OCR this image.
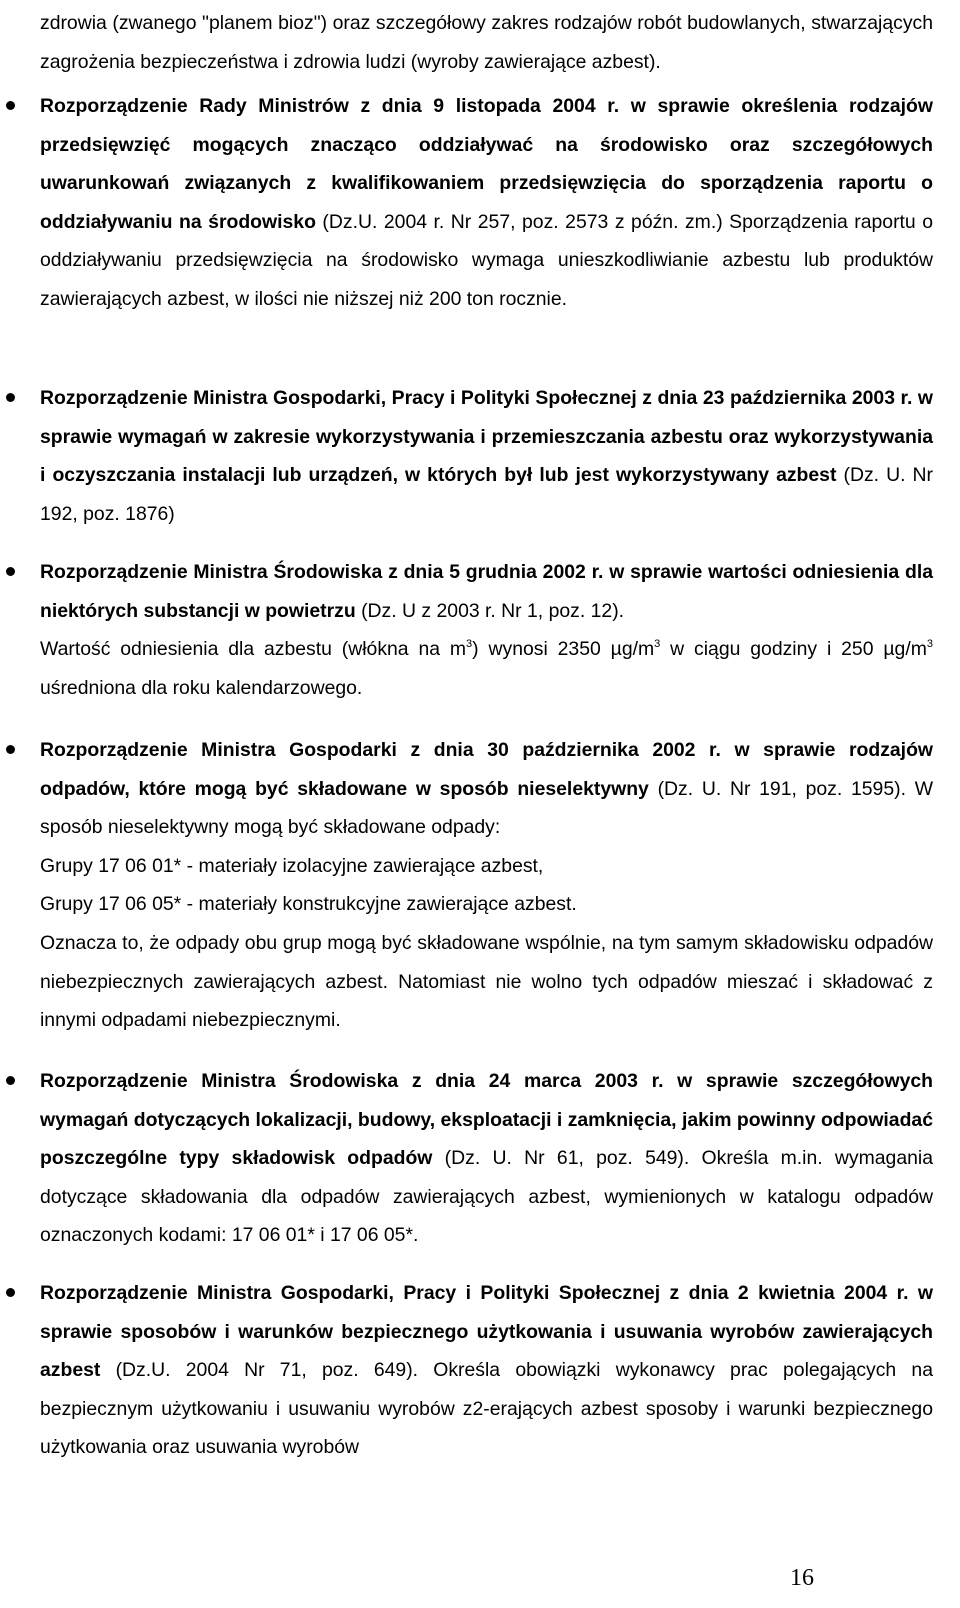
zdrowia (zwanego "planem bioz") oraz szczegółowy zakres rodzajów robót budowlanych, stwarzających zagrożenia bezpieczeństwa i zdrowia ludzi (wyroby zawierające azbest).

Rozporządzenie Rady Ministrów z dnia 9 listopada 2004 r. w sprawie określenia rodzajów przedsięwzięć mogących znacząco oddziaływać na środowisko oraz szczegółowych uwarunkowań związanych z kwalifikowaniem przedsięwzięcia do sporządzenia raportu o oddziaływaniu na środowisko (Dz.U. 2004 r. Nr 257, poz. 2573 z późn. zm.) Sporządzenia raportu o oddziaływaniu przedsięwzięcia na środowisko wymaga unieszkodliwianie azbestu lub produktów zawierających azbest, w ilości nie niższej niż 200 ton rocznie.

Rozporządzenie Ministra Gospodarki, Pracy i Polityki Społecznej z dnia 23 października 2003 r. w sprawie wymagań w zakresie wykorzystywania i przemieszczania azbestu oraz wykorzystywania i oczyszczania instalacji lub urządzeń, w których był lub jest wykorzystywany azbest (Dz. U. Nr 192, poz. 1876)

Rozporządzenie Ministra Środowiska z dnia 5 grudnia 2002 r. w sprawie wartości odniesienia dla niektórych substancji w powietrzu (Dz. U z 2003 r. Nr 1, poz. 12).

Wartość odniesienia dla azbestu (włókna na $m^3$) wynosi 2350 $\mu g/m^3$ w ciągu godziny i 250 $\mu g/m^3$ uśredniona dla roku kalendarzowego.

Rozporządzenie Ministra Gospodarki z dnia 30 października 2002 r. w sprawie rodzajów odpadów, które mogą być składowane w sposób nieselektywny (Dz. U. Nr 191, poz. 1595). W sposób nieselektywny mogą być składowane odpady:

Grupy 17 06 01* - materiały izolacyjne zawierające azbest,

Grupy 17 06 05* - materiały konstrukcyjne zawierające azbest.

Oznacza to, że odpady obu grup mogą być składowane wspólnie, na tym samym składowisku odpadów niebezpiecznych zawierających azbest. Natomiast nie wolno tych odpadów mieszać i składować z innymi odpadami niebezpiecznymi.

Rozporządzenie Ministra Środowiska z dnia 24 marca 2003 r. w sprawie szczegółowych wymagań dotyczących lokalizacji, budowy, eksploatacji i zamknięcia, jakim powinny odpowiadać poszczególne typy składowisk odpadów (Dz. U. Nr 61, poz. 549). Określa m.in. wymagania dotyczące składowania dla odpadów zawierających azbest, wymienionych w katalogu odpadów oznaczonych kodami: 17 06 01* i 17 06 05*.

Rozporządzenie Ministra Gospodarki, Pracy i Polityki Społecznej z dnia 2 kwietnia 2004 r. w sprawie sposobów i warunków bezpiecznego użytkowania i usuwania wyrobów zawierających azbest (Dz.U. 2004 Nr 71, poz. 649). Określa obowiązki wykonawcy prac polegających na bezpiecznym użytkowaniu i usuwaniu wyrobów z2-erających azbest sposoby i warunki bezpiecznego użytkowania oraz usuwania wyrobów

16
